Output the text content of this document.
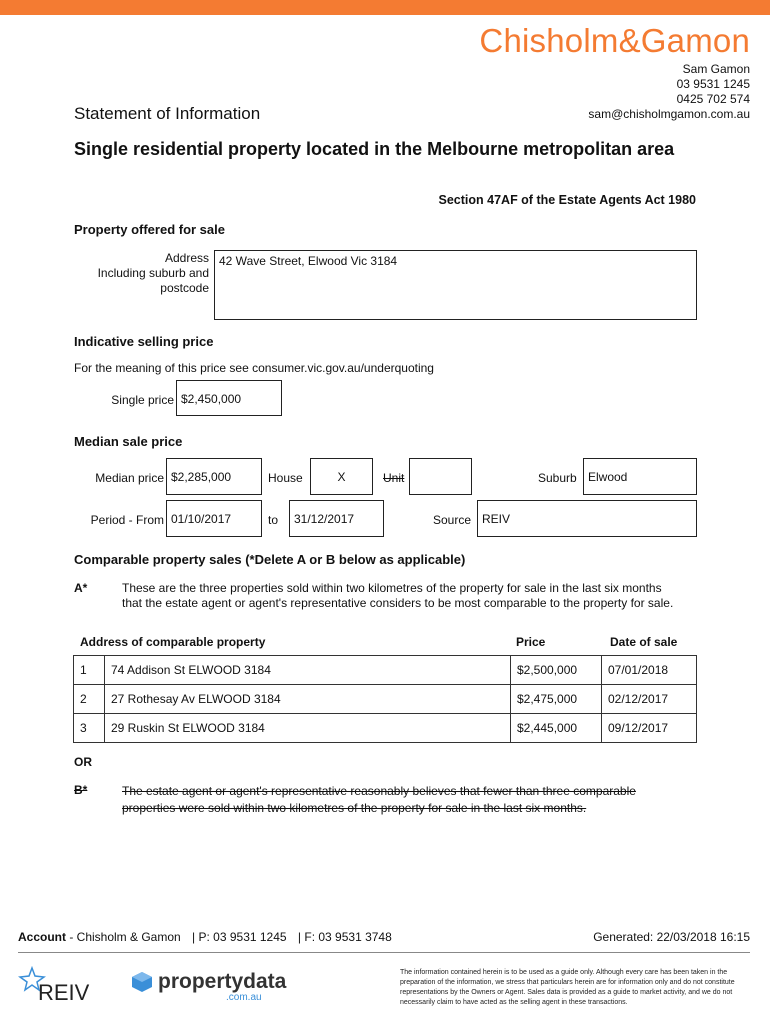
Chisholm&Gamon
Sam Gamon
03 9531 1245
0425 702 574
sam@chisholmgamon.com.au
Statement of Information
Single residential property located in the Melbourne metropolitan area
Section 47AF of the Estate Agents Act 1980
Property offered for sale
Address
Including suburb and
postcode
42 Wave Street, Elwood Vic 3184
Indicative selling price
For the meaning of this price see consumer.vic.gov.au/underquoting
Single price $2,450,000
Median sale price
Median price $2,285,000	House	X	Unit	Suburb Elwood
Period - From 01/10/2017	to	31/12/2017	Source REIV
Comparable property sales (*Delete A or B below as applicable)
A*	These are the three properties sold within two kilometres of the property for sale in the last six months that the estate agent or agent's representative considers to be most comparable to the property for sale.
Address of comparable property	Price	Date of sale
1	74 Addison St ELWOOD 3184	$2,500,000	07/01/2018
2	27 Rothesay Av ELWOOD 3184	$2,475,000	02/12/2017
3	29 Ruskin St ELWOOD 3184	$2,445,000	09/12/2017
OR
B*	The estate agent or agent's representative reasonably believes that fewer than three comparable properties were sold within two kilometres of the property for sale in the last six months.
Account - Chisholm & Gamon | P: 03 9531 1245 | F: 03 9531 3748	Generated: 22/03/2018 16:15
REIV	propertydata
.com.au
The information contained herein is to be used as a guide only. Although every care has been taken in the preparation of the information, we stress that particulars herein are for information only and do not constitute representations by the Owners or Agent. Sales data is provided as a guide to market activity, and we do not necessarily claim to have acted as the selling agent in these transactions.
